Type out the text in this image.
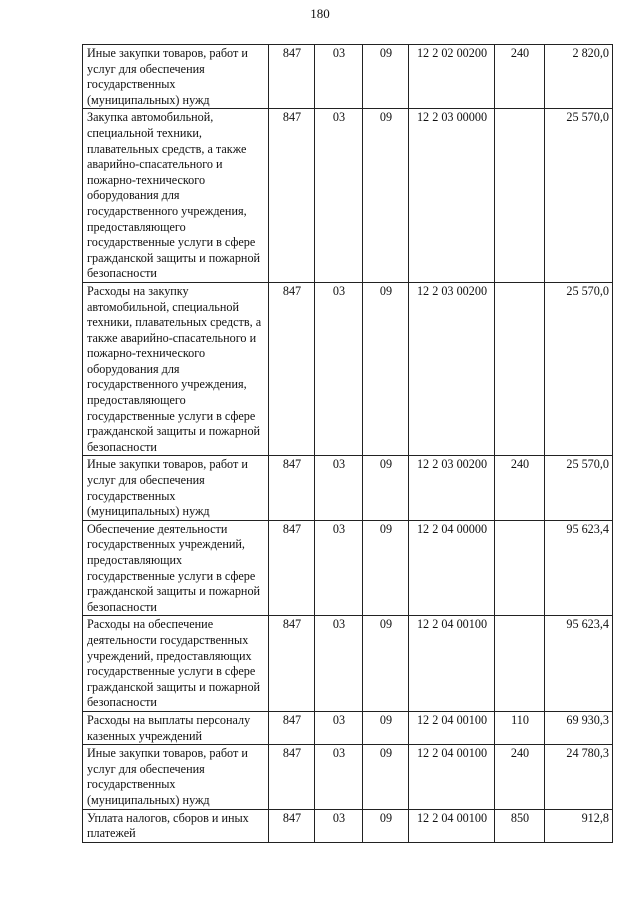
180
Иные закупки товаров, работ и услуг для обеспечения государственных (муниципальных) нужд	847	03	09	12 2 02 00200	240	2 820,0
Закупка автомобильной, специальной техники, плавательных средств, а также аварийно-спасательного и пожарно-технического оборудования для государственного учреждения, предоставляющего государственные услуги в сфере гражданской защиты и пожарной безопасности	847	03	09	12 2 03 00000		25 570,0
Расходы на закупку автомобильной, специальной техники, плавательных средств, а также аварийно-спасательного и пожарно-технического оборудования для государственного учреждения, предоставляющего государственные услуги в сфере гражданской защиты и пожарной безопасности	847	03	09	12 2 03 00200		25 570,0
Иные закупки товаров, работ и услуг для обеспечения государственных (муниципальных) нужд	847	03	09	12 2 03 00200	240	25 570,0
Обеспечение деятельности государственных учреждений, предоставляющих государственные услуги в сфере гражданской защиты и пожарной безопасности	847	03	09	12 2 04 00000		95 623,4
Расходы на обеспечение деятельности государственных учреждений, предоставляющих государственные услуги в сфере гражданской защиты и пожарной безопасности	847	03	09	12 2 04 00100		95 623,4
Расходы на выплаты персоналу казенных учреждений	847	03	09	12 2 04 00100	110	69 930,3
Иные закупки товаров, работ и услуг для обеспечения государственных (муниципальных) нужд	847	03	09	12 2 04 00100	240	24 780,3
Уплата налогов, сборов и иных платежей	847	03	09	12 2 04 00100	850	912,8
